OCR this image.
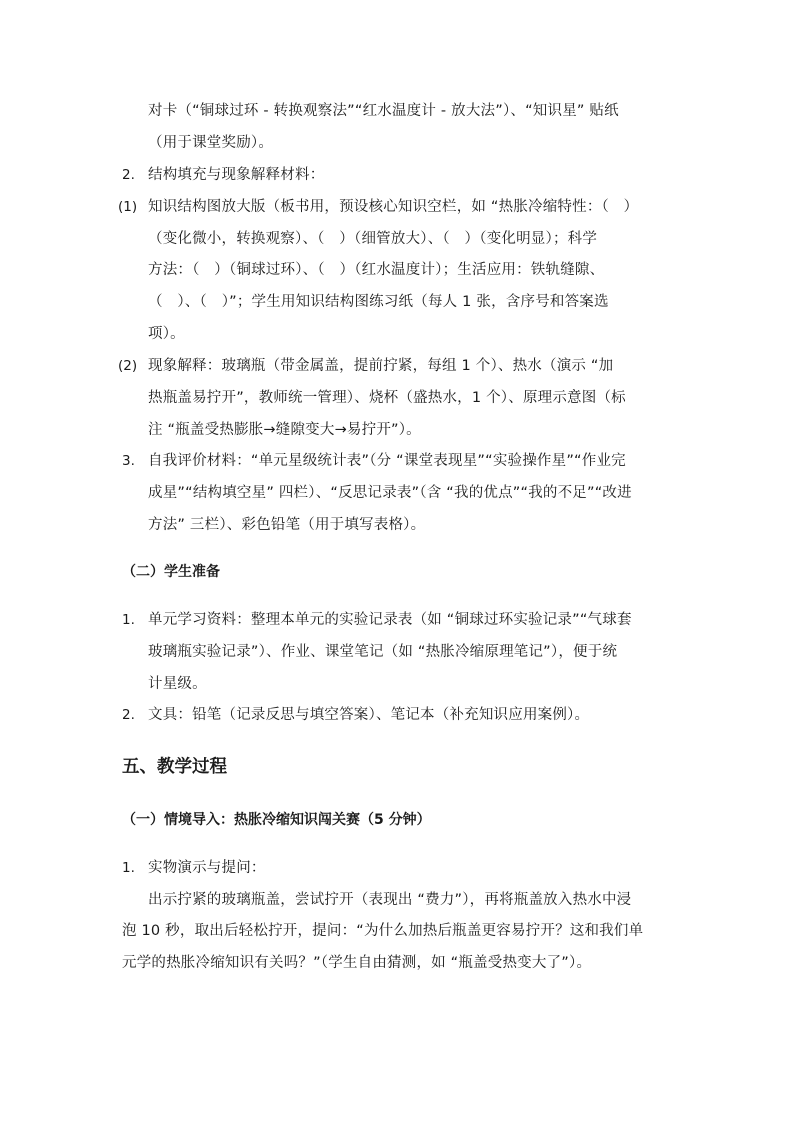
对卡（“铜球过环 - 转换观察法”“红水温度计 - 放大法”）、“知识星” 贴纸
（用于课堂奖励）。
2. 结构填充与现象解释材料：
(1) 知识结构图放大版（板书用，预设核心知识空栏，如 “热胀冷缩特性：（　）
（变化微小，转换观察）、（　）（细管放大）、（　）（变化明显）；科学
方法：（　）（铜球过环）、（　）（红水温度计）；生活应用：铁轨缝隙、
（　）、（　）”；学生用知识结构图练习纸（每人 1 张，含序号和答案选
项）。
(2) 现象解释：玻璃瓶（带金属盖，提前拧紧，每组 1 个）、热水（演示 “加
热瓶盖易拧开”，教师统一管理）、烧杯（盛热水，1 个）、原理示意图（标
注 “瓶盖受热膨胀→缝隙变大→易拧开”）。
3. 自我评价材料：“单元星级统计表”（分 “课堂表现星”“实验操作星”“作业完
成星”“结构填空星” 四栏）、“反思记录表”（含 “我的优点”“我的不足”“改进
方法” 三栏）、彩色铅笔（用于填写表格）。
（二）学生准备
1. 单元学习资料：整理本单元的实验记录表（如 “铜球过环实验记录”“气球套
玻璃瓶实验记录”）、作业、课堂笔记（如 “热胀冷缩原理笔记”），便于统
计星级。
2. 文具：铅笔（记录反思与填空答案）、笔记本（补充知识应用案例）。
五、教学过程
（一）情境导入：热胀冷缩知识闯关赛（5 分钟）
1. 实物演示与提问：
出示拧紧的玻璃瓶盖，尝试拧开（表现出 “费力”），再将瓶盖放入热水中浸
泡 10 秒，取出后轻松拧开，提问：“为什么加热后瓶盖更容易拧开？这和我们单
元学的热胀冷缩知识有关吗？”（学生自由猜测，如 “瓶盖受热变大了”）。
